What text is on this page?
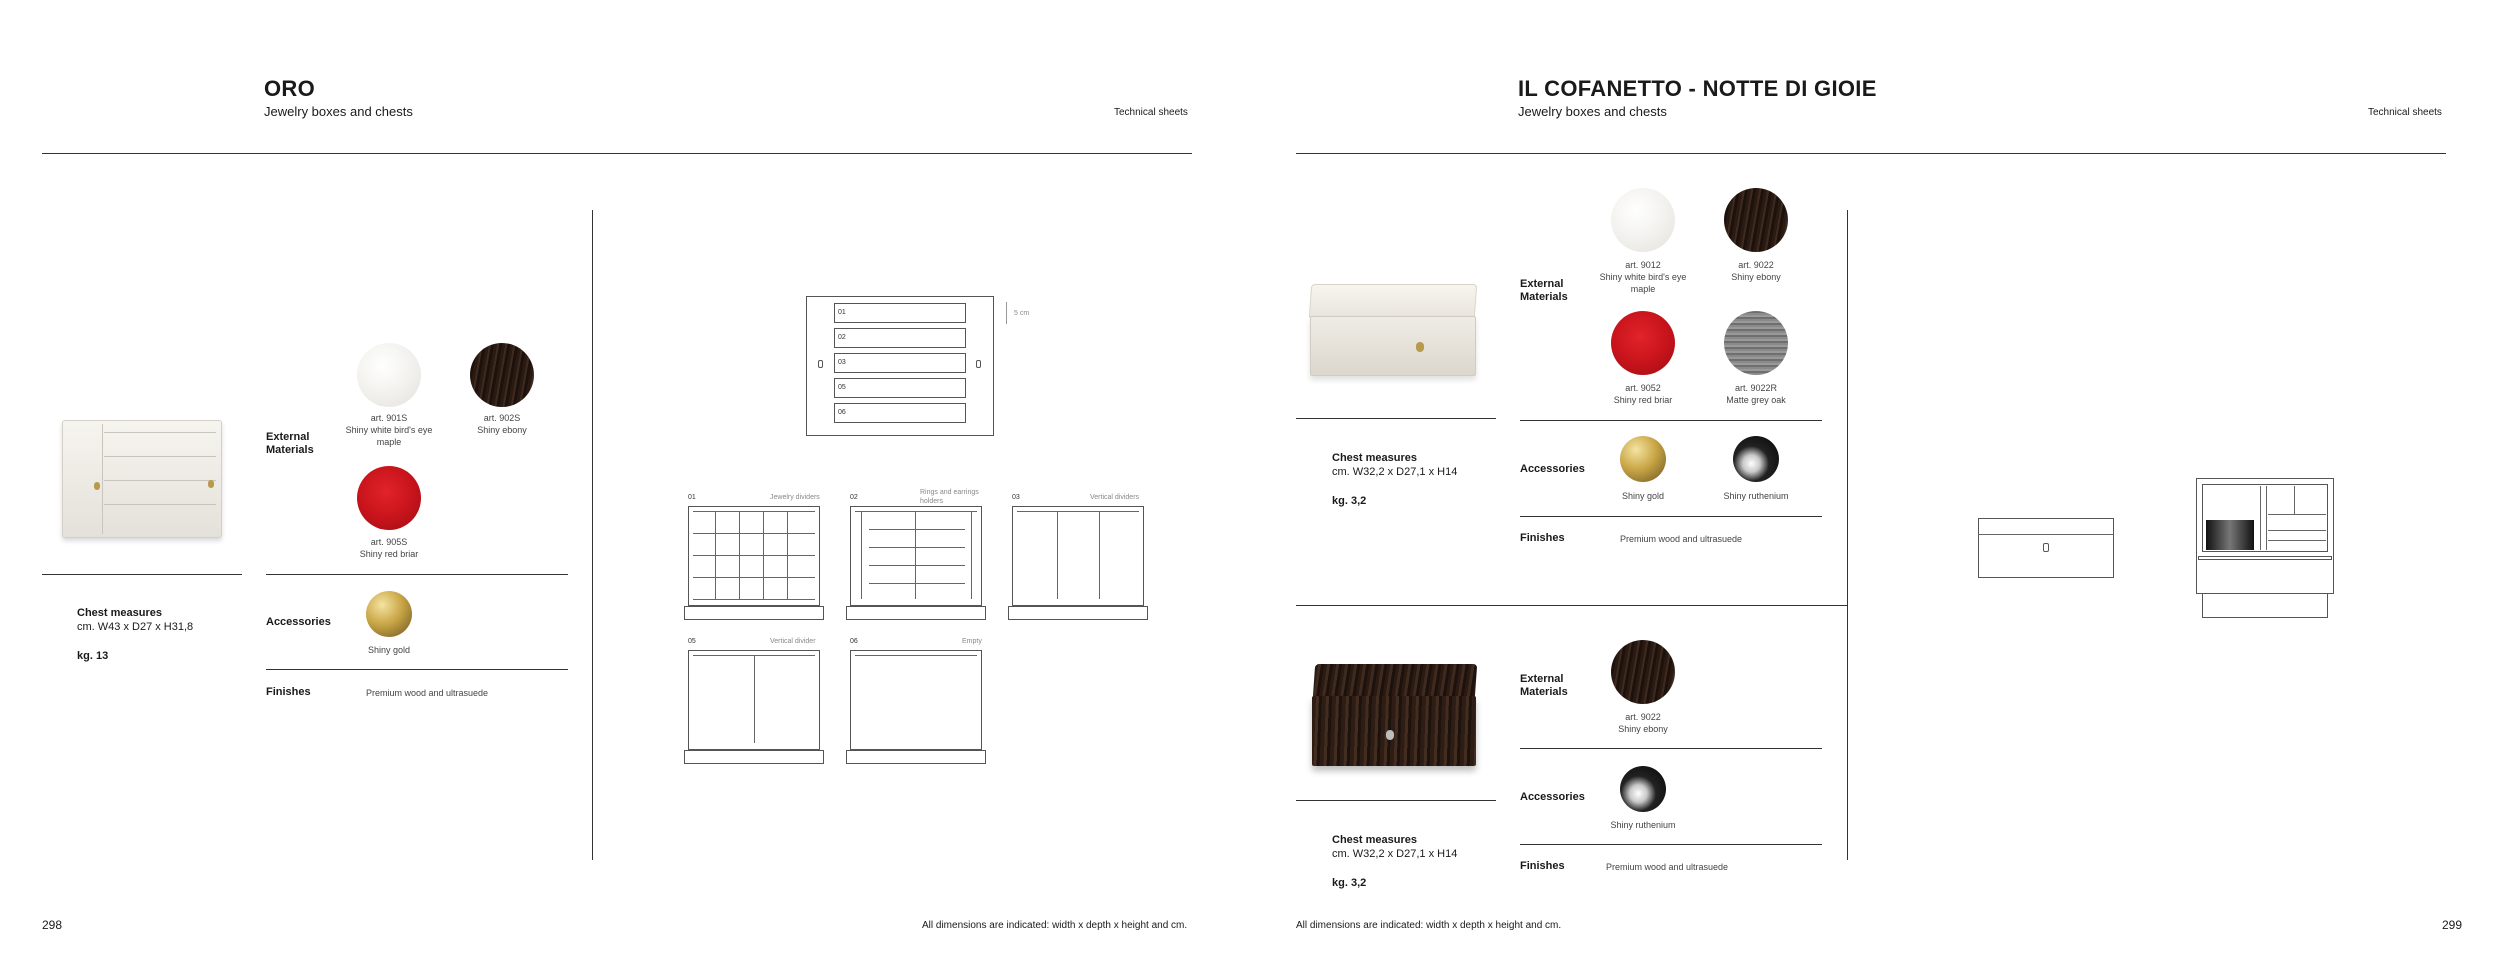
ORO
Jewelry boxes and chests	Technical sheets
Chest measures
cm. W43 x D27 x H31,8
kg. 13
External Materials
art. 901S
Shiny white bird's eye maple
art. 902S
Shiny ebony
art. 905S
Shiny red briar
Accessories
Shiny gold
Finishes	Premium wood and ultrasuede
01
02
03
05
06
5 cm
01	Jewelry dividers	02
Rings and earrings holders
03	Vertical dividers
05	Vertical divider	06	Empty
298	All dimensions are indicated: width x depth x height and cm.
IL COFANETTO - NOTTE DI GIOIE
Jewelry boxes and chests	Technical sheets
Chest measures
cm. W32,2 x D27,1 x H14
kg. 3,2
External Materials
art. 9012
Shiny white bird's eye maple
art. 9022
Shiny ebony
art. 9052
Shiny red briar
art. 9022R
Matte grey oak
Accessories
Shiny gold	Shiny ruthenium
Finishes	Premium wood and ultrasuede
Chest measures
cm. W32,2 x D27,1 x H14
kg. 3,2
External Materials
art. 9022
Shiny ebony
Accessories
Shiny ruthenium
Finishes	Premium wood and ultrasuede
All dimensions are indicated: width x depth x height and cm.	299
